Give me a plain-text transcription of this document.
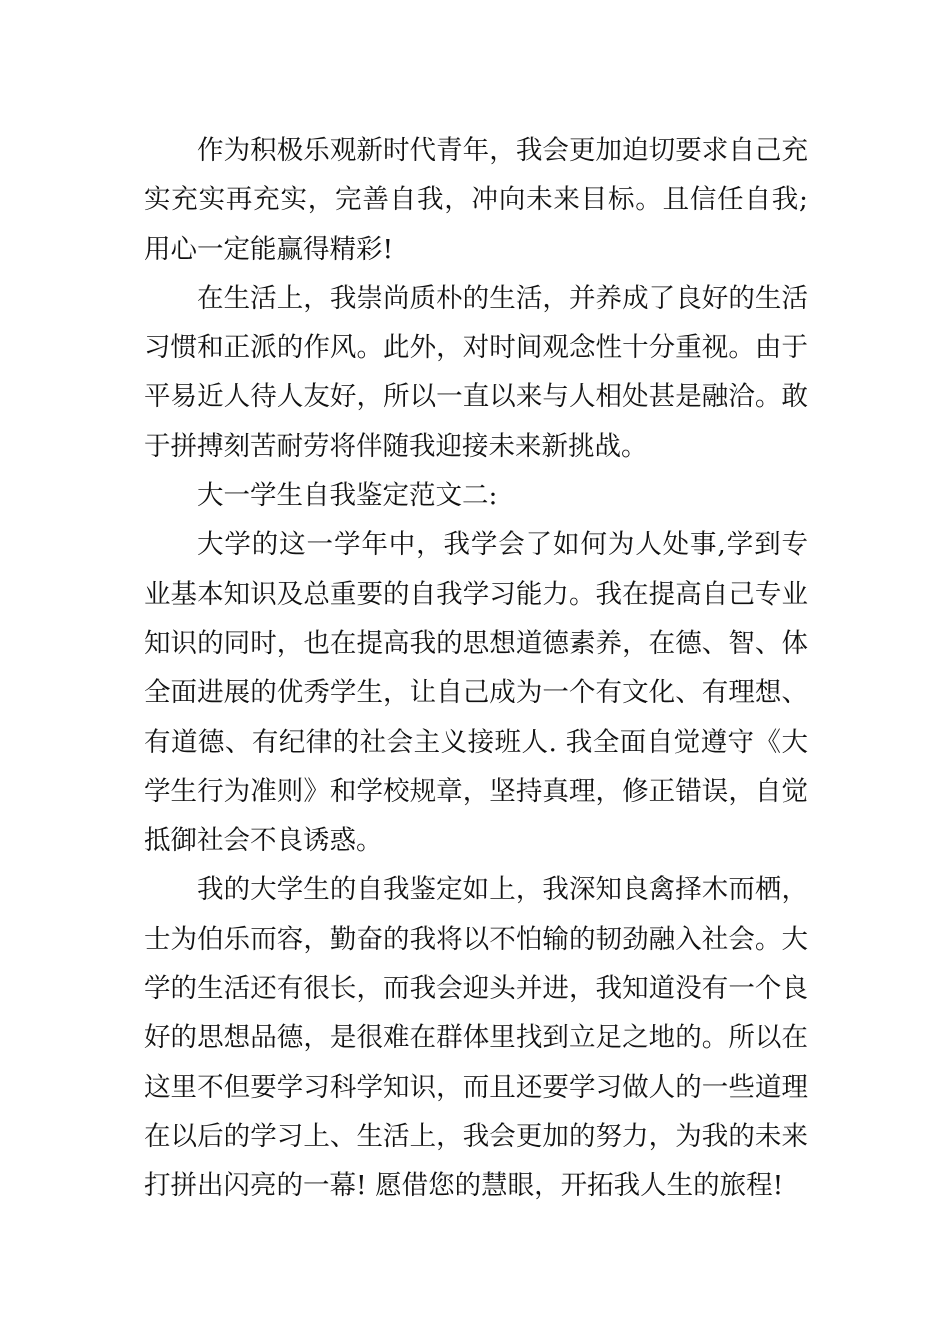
作为积极乐观新时代青年，我会更加迫切要求自己充实充实再充实，完善自我，冲向未来目标。且信任自我;用心一定能赢得精彩!

在生活上，我崇尚质朴的生活，并养成了良好的生活习惯和正派的作风。此外，对时间观念性十分重视。由于平易近人待人友好，所以一直以来与人相处甚是融洽。敢于拼搏刻苦耐劳将伴随我迎接未来新挑战。

大一学生自我鉴定范文二:

大学的这一学年中，我学会了如何为人处事,学到专业基本知识及总重要的自我学习能力。我在提高自己专业知识的同时，也在提高我的思想道德素养，在德、智、体全面进展的优秀学生，让自己成为一个有文化、有理想、有道德、有纪律的社会主义接班人. 我全面自觉遵守《大学生行为准则》和学校规章，坚持真理，修正错误，自觉抵御社会不良诱惑。

我的大学生的自我鉴定如上，我深知良禽择木而栖，士为伯乐而容，勤奋的我将以不怕输的韧劲融入社会。大学的生活还有很长，而我会迎头并进，我知道没有一个良好的思想品德，是很难在群体里找到立足之地的。所以在这里不但要学习科学知识，而且还要学习做人的一些道理在以后的学习上、生活上，我会更加的努力，为我的未来打拼出闪亮的一幕! 愿借您的慧眼，开拓我人生的旅程!
